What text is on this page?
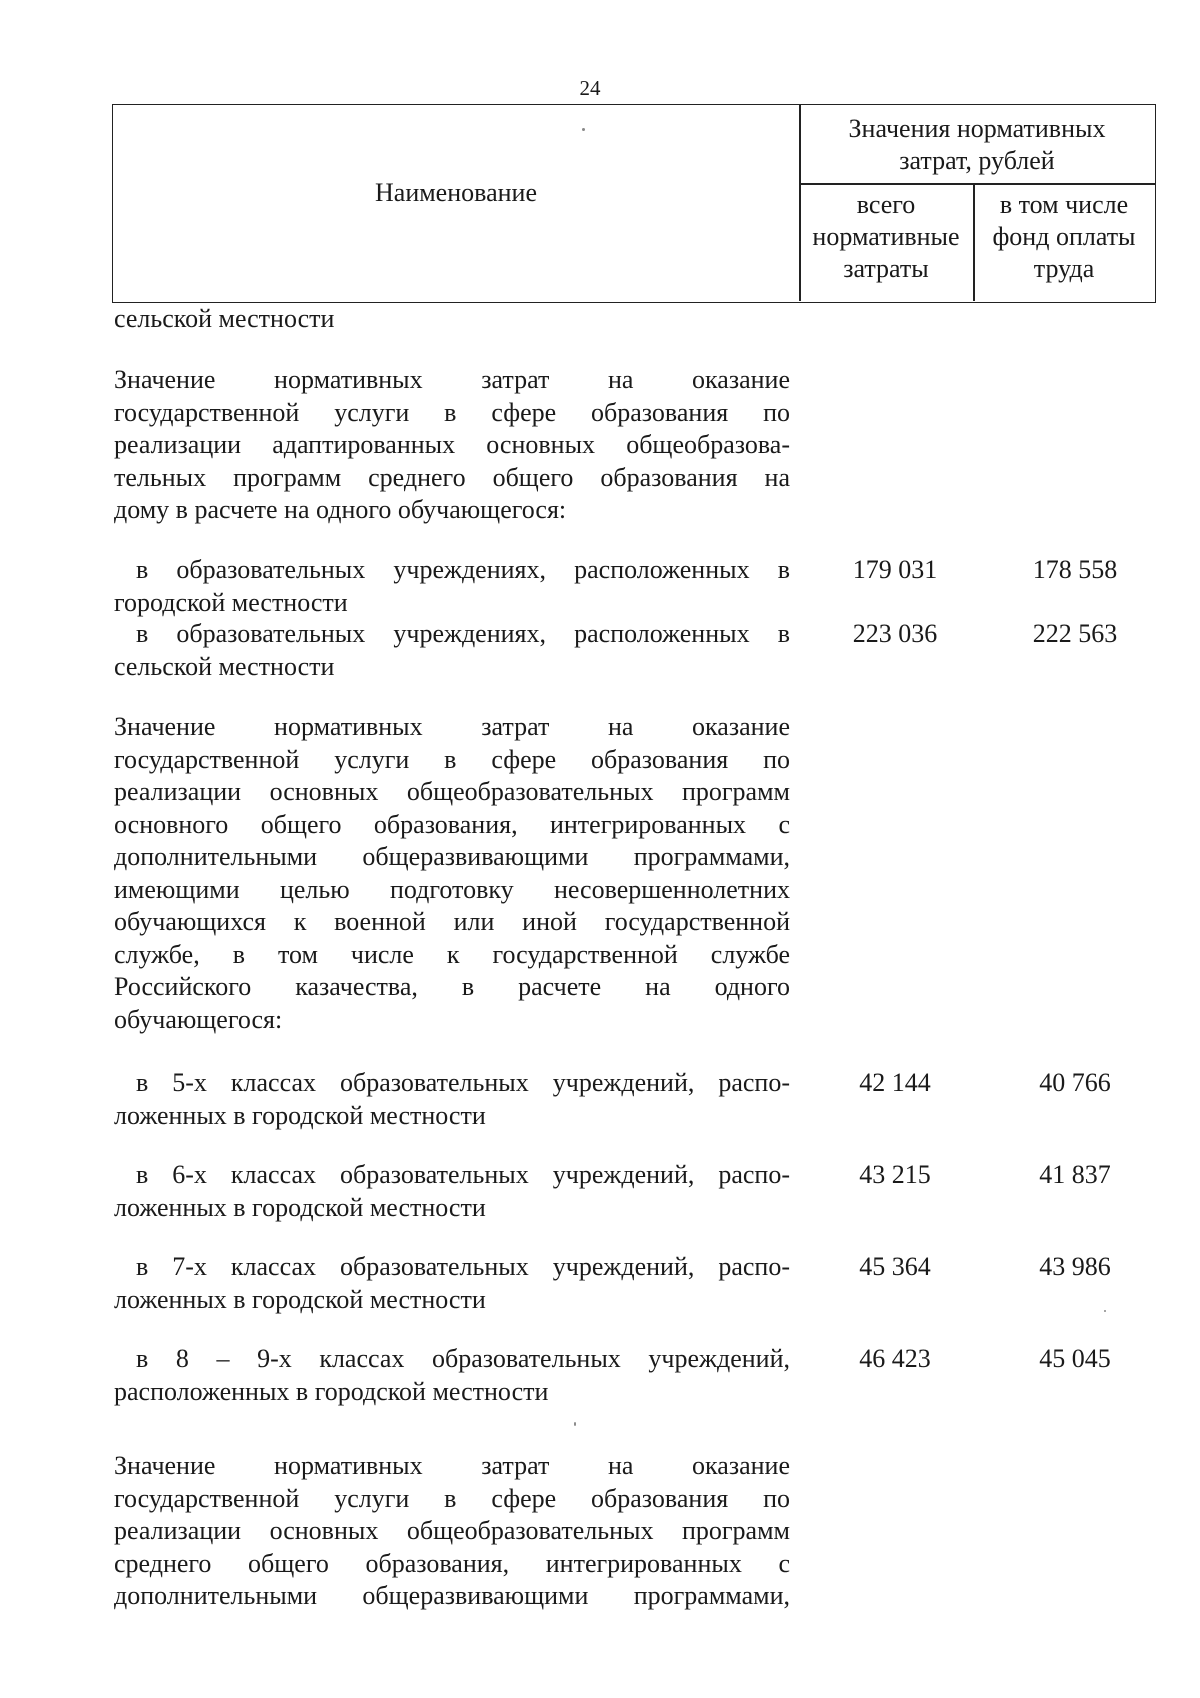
24
Наименование
Значения нормативных
затрат, рублей
всего
нормативные
затраты
в том числе
фонд оплаты
труда
сельской местности
Значение нормативных затрат на оказание
государственной услуги в сфере образования по
реализации адаптированных основных общеобразова-
тельных программ среднего общего образования на
дому в расчете на одного обучающегося:
в образовательных учреждениях, расположенных в
городской местности
179 031	178 558
в образовательных учреждениях, расположенных в
сельской местности
223 036	222 563
Значение нормативных затрат на оказание
государственной услуги в сфере образования по
реализации основных общеобразовательных программ
основного общего образования, интегрированных с
дополнительными общеразвивающими программами,
имеющими целью подготовку несовершеннолетних
обучающихся к военной или иной государственной
службе, в том числе к государственной службе
Российского казачества, в расчете на одного
обучающегося:
в 5-х классах образовательных учреждений, распо-
ложенных в городской местности
42 144	40 766
в 6-х классах образовательных учреждений, распо-
ложенных в городской местности
43 215	41 837
в 7-х классах образовательных учреждений, распо-
ложенных в городской местности
45 364	43 986
в 8 – 9-х классах образовательных учреждений,
расположенных в городской местности
46 423	45 045
Значение нормативных затрат на оказание
государственной услуги в сфере образования по
реализации основных общеобразовательных программ
среднего общего образования, интегрированных с
дополнительными общеразвивающими программами,
